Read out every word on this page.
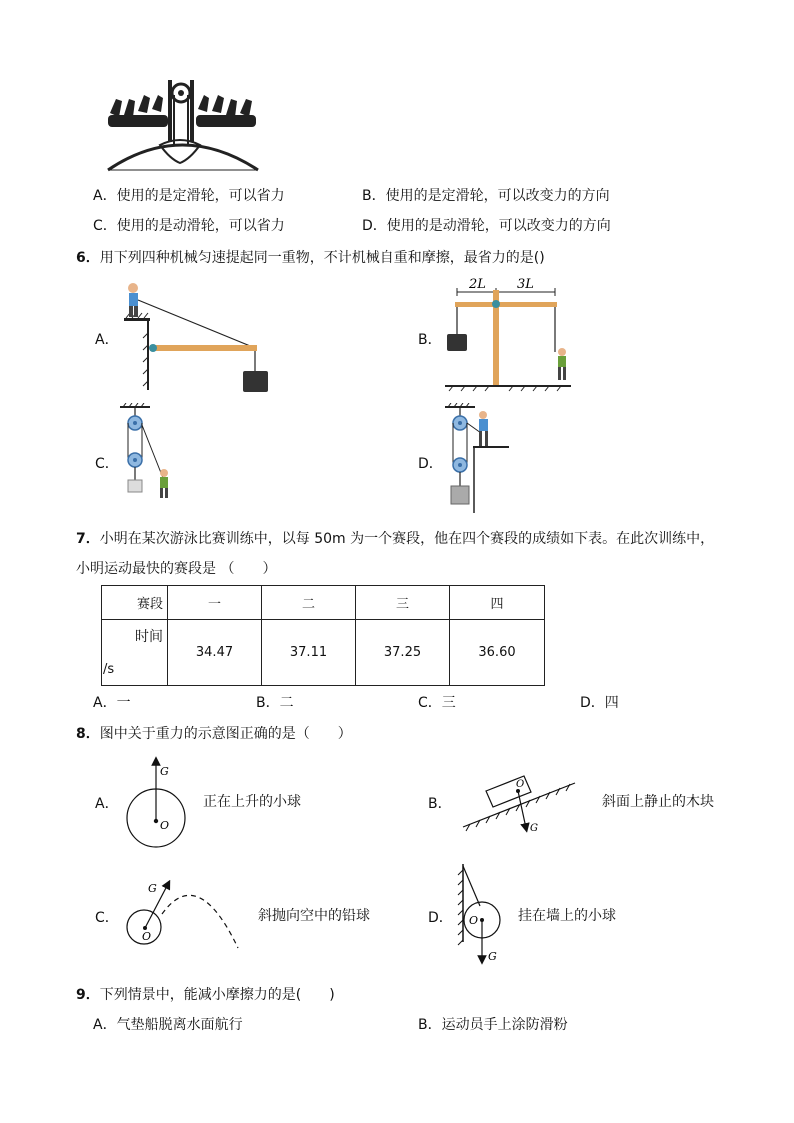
A．使用的是定滑轮，可以省力	B．使用的是定滑轮，可以改变力的方向
C．使用的是动滑轮，可以省力	D．使用的是动滑轮，可以改变力的方向
6．用下列四种机械匀速提起同一重物，不计机械自重和摩擦，最省力的是()
A．	B．
2L 3L
C．	D．
7．小明在某次游泳比赛训练中，以每 50m 为一个赛段，他在四个赛段的成绩如下表。在此次训练中，
小明运动最快的赛段是 （　　）
赛段	一	二	三	四

时间
/s	34.47	37.11	37.25	36.60
A．一	B．二	C．三	D．四
8．图中关于重力的示意图正确的是（　　）
A．
G
O
正在上升的小球	B．
O
G
斜面上静止的木块
C．
O
G
斜抛向空中的铅球	D． O
G
挂在墙上的小球
9．下列情景中，能减小摩擦力的是(　　)
A．气垫船脱离水面航行	B．运动员手上涂防滑粉
